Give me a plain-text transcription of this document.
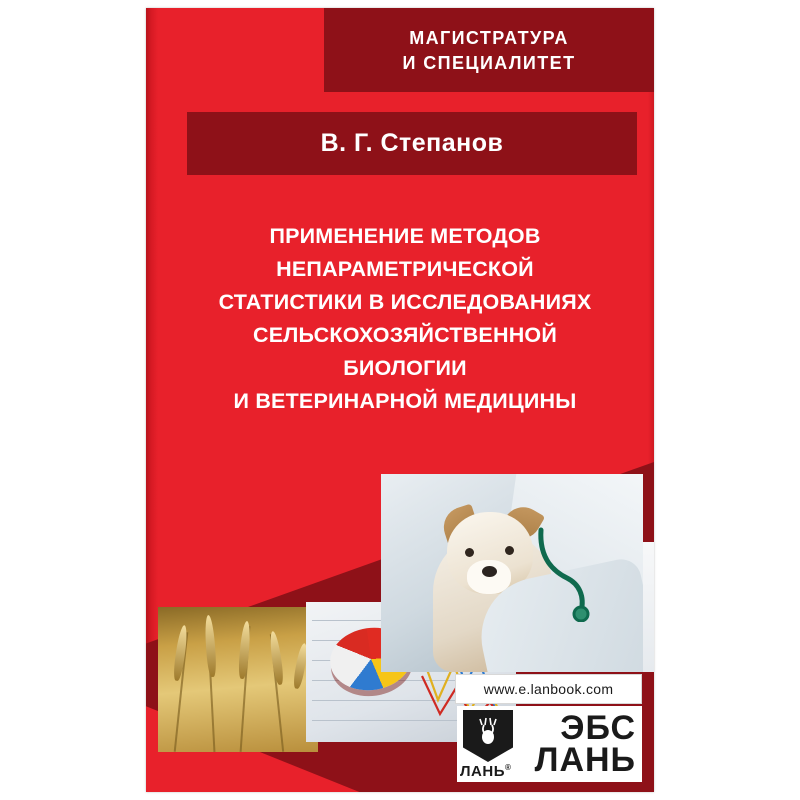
МАГИСТРАТУРА
И СПЕЦИАЛИТЕТ
В. Г. Степанов
ПРИМЕНЕНИЕ МЕТОДОВ
НЕПАРАМЕТРИЧЕСКОЙ
СТАТИСТИКИ В ИССЛЕДОВАНИЯХ
СЕЛЬСКОХОЗЯЙСТВЕННОЙ
БИОЛОГИИ
И ВЕТЕРИНАРНОЙ МЕДИЦИНЫ
www.e.lanbook.com
ЛАНЬ®
ЭБС
ЛАНЬ
